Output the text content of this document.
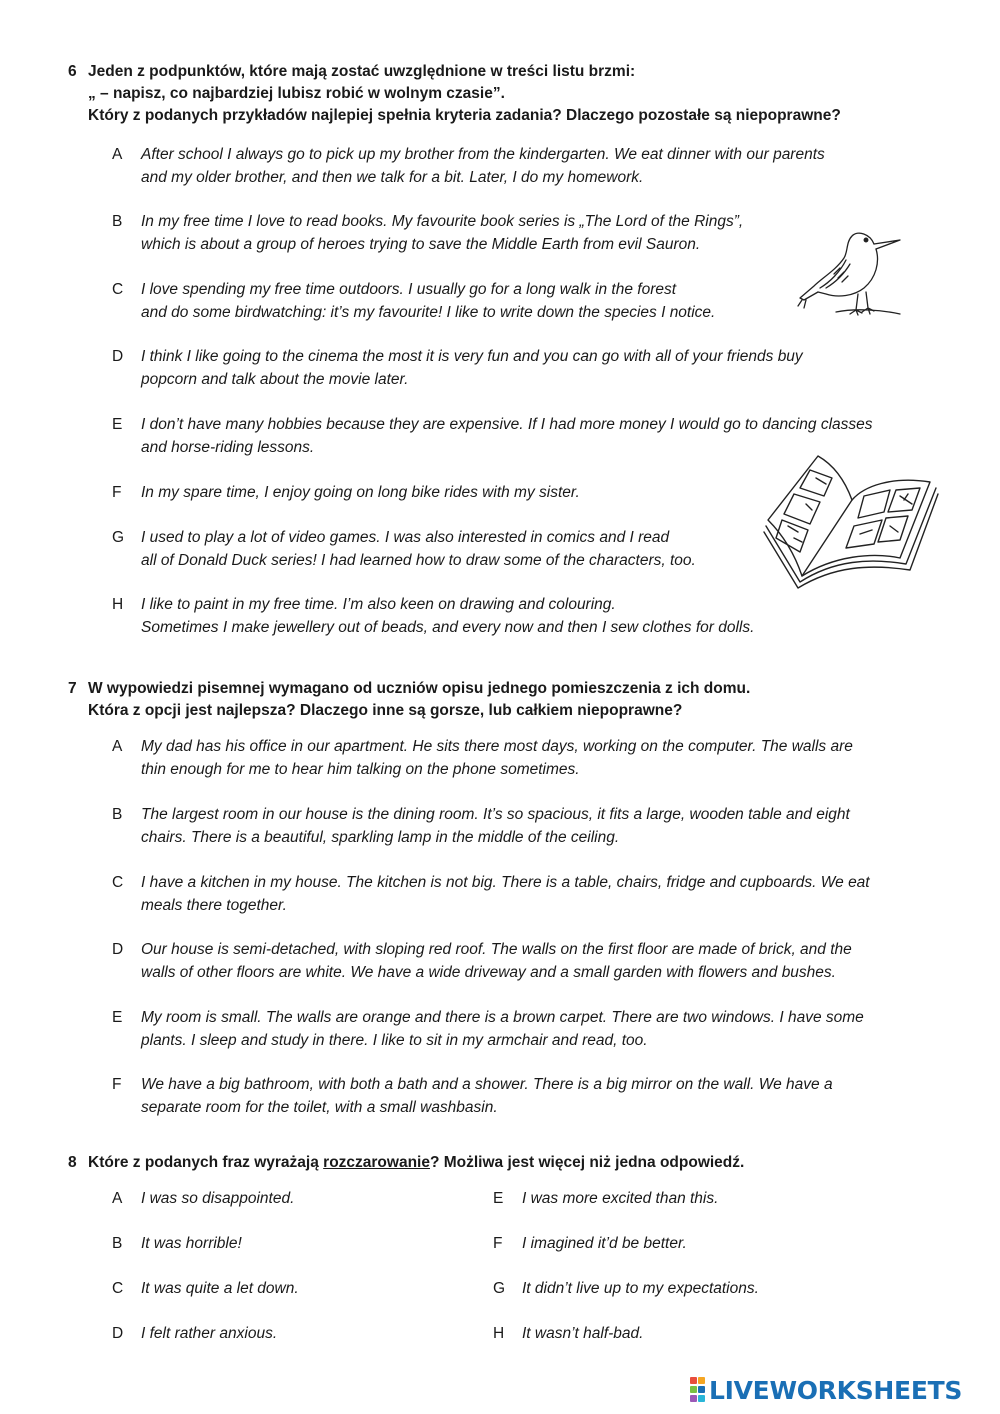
6 Jeden z podpunktów, które mają zostać uwzględnione w treści listu brzmi:
„ – napisz, co najbardziej lubisz robić w wolnym czasie”.
Który z podanych przykładów najlepiej spełnia kryteria zadania? Dlaczego pozostałe są niepoprawne?
A After school I always go to pick up my brother from the kindergarten. We eat dinner with our parents
and my older brother, and then we talk for a bit. Later, I do my homework.
B In my free time I love to read books. My favourite book series is „The Lord of the Rings”,
which is about a group of heroes trying to save the Middle Earth from evil Sauron.
C I love spending my free time outdoors. I usually go for a long walk in the forest
and do some birdwatching: it’s my favourite! I like to write down the species I notice.
D I think I like going to the cinema the most it is very fun and you can go with all of your friends buy
popcorn and talk about the movie later.
E I don’t have many hobbies because they are expensive. If I had more money I would go to dancing classes
and horse-riding lessons.
F In my spare time, I enjoy going on long bike rides with my sister.
G I used to play a lot of video games. I was also interested in comics and I read
all of Donald Duck series! I had learned how to draw some of the characters, too.
H I like to paint in my free time. I’m also keen on drawing and colouring.
Sometimes I make jewellery out of beads, and every now and then I sew clothes for dolls.
7 W wypowiedzi pisemnej wymagano od uczniów opisu jednego pomieszczenia z ich domu.
Która z opcji jest najlepsza? Dlaczego inne są gorsze, lub całkiem niepoprawne?
A My dad has his office in our apartment. He sits there most days, working on the computer. The walls are
thin enough for me to hear him talking on the phone sometimes.
B The largest room in our house is the dining room. It’s so spacious, it fits a large, wooden table and eight
chairs. There is a beautiful, sparkling lamp in the middle of the ceiling.
C I have a kitchen in my house. The kitchen is not big. There is a table, chairs, fridge and cupboards. We eat
meals there together.
D Our house is semi-detached, with sloping red roof. The walls on the first floor are made of brick, and the
walls of other floors are white. We have a wide driveway and a small garden with flowers and bushes.
E My room is small. The walls are orange and there is a brown carpet. There are two windows. I have some
plants. I sleep and study in there. I like to sit in my armchair and read, too.
F We have a big bathroom, with both a bath and a shower. There is a big mirror on the wall. We have a
separate room for the toilet, with a small washbasin.
8 Które z podanych fraz wyrażają rozczarowanie? Możliwa jest więcej niż jedna odpowiedź.
A I was so disappointed.
B It was horrible!
C It was quite a let down.
D I felt rather anxious.
E I was more excited than this.
F I imagined it’d be better.
G It didn’t live up to my expectations.
H It wasn’t half-bad.
LIVEWORKSHEETS
